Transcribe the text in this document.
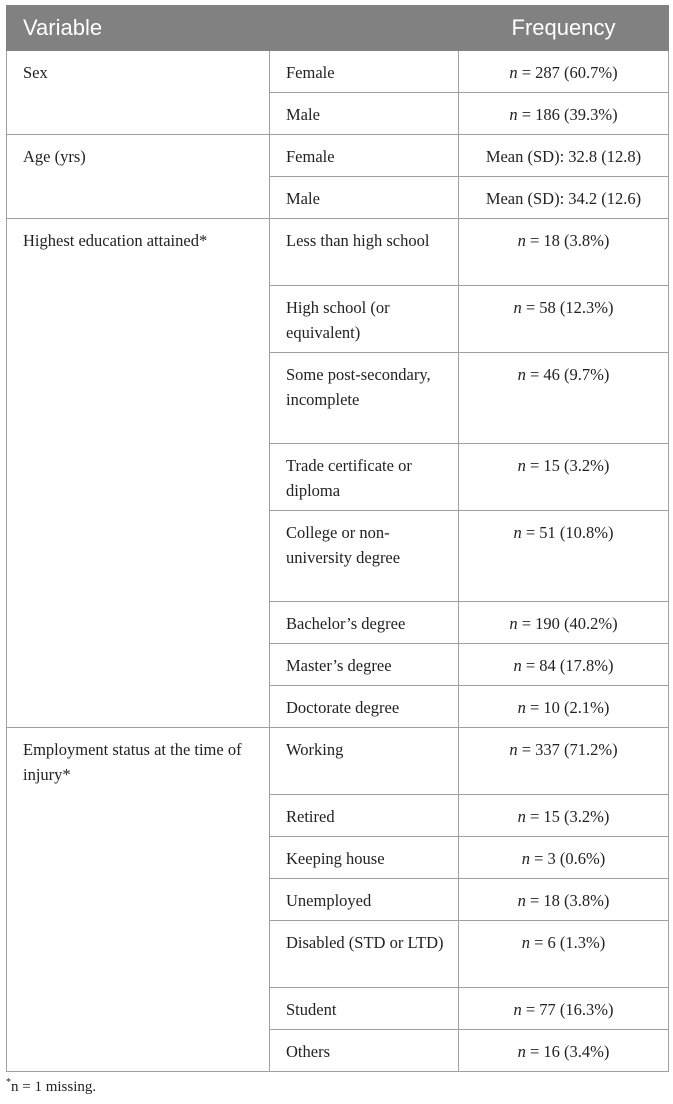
Variable		Frequency
Sex	Female	n = 287 (60.7%)
	Male	n = 186 (39.3%)
Age (yrs)	Female	Mean (SD): 32.8 (12.8)
	Male	Mean (SD): 34.2 (12.6)
Highest education attained*	Less than high school	n = 18 (3.8%)
	High school (or equivalent)	n = 58 (12.3%)
	Some post-secondary, incomplete	n = 46 (9.7%)
	Trade certificate or diploma	n = 15 (3.2%)
	College or non-university degree	n = 51 (10.8%)
	Bachelor’s degree	n = 190 (40.2%)
	Master’s degree	n = 84 (17.8%)
	Doctorate degree	n = 10 (2.1%)
Employment status at the time of injury*	Working	n = 337 (71.2%)
	Retired	n = 15 (3.2%)
	Keeping house	n = 3 (0.6%)
	Unemployed	n = 18 (3.8%)
	Disabled (STD or LTD)	n = 6 (1.3%)
	Student	n = 77 (16.3%)
	Others	n = 16 (3.4%)
*n = 1 missing.
